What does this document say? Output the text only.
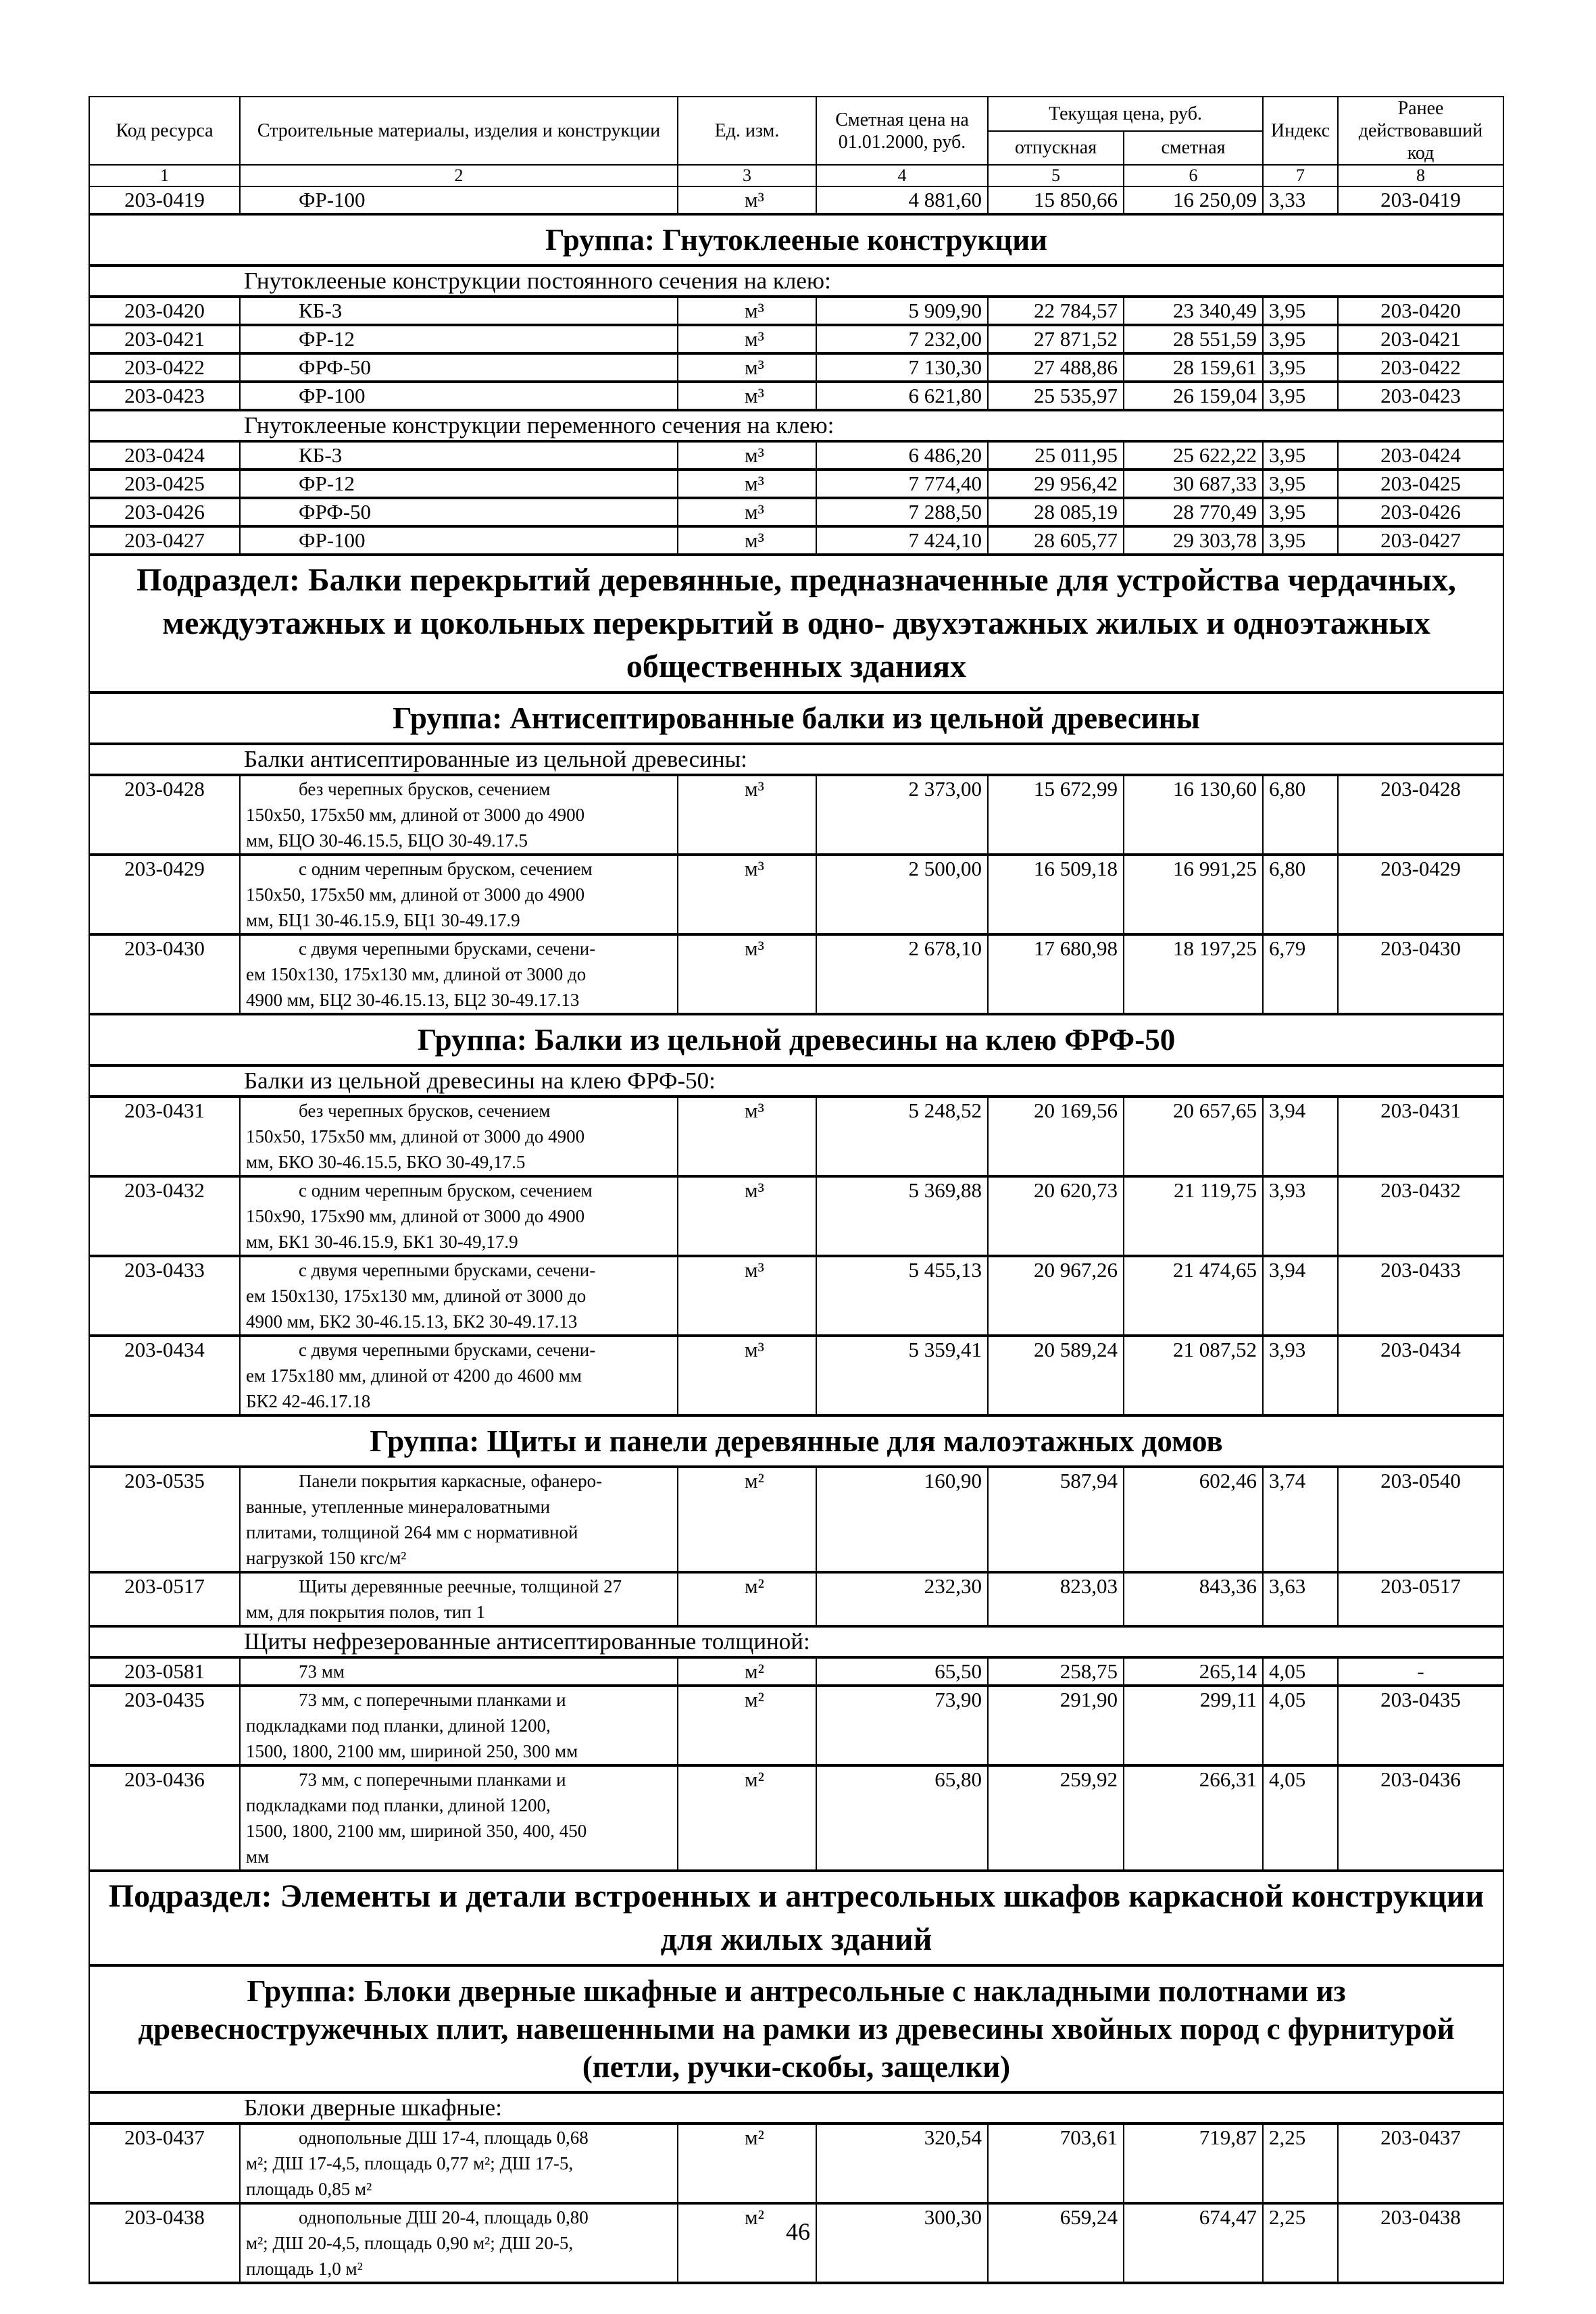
Код ресурса	Строительные материалы, изделия и конструкции	Ед. изм.	Сметная цена на 01.01.2000, руб.	Текущая цена, руб.		Индекс	Ранее действовавший код
				отпускная	сметная		
1	2	3	4	5	6	7	8
203-0419	ФР-100	м³	4 881,60	15 850,66	16 250,09	3,33	203-0419
Группа: Гнутоклееные конструкции							
Гнутоклееные конструкции постоянного сечения на клею:							
203-0420	КБ-3	м³	5 909,90	22 784,57	23 340,49	3,95	203-0420
203-0421	ФР-12	м³	7 232,00	27 871,52	28 551,59	3,95	203-0421
203-0422	ФРФ-50	м³	7 130,30	27 488,86	28 159,61	3,95	203-0422
203-0423	ФР-100	м³	6 621,80	25 535,97	26 159,04	3,95	203-0423
Гнутоклееные конструкции переменного сечения на клею:							
203-0424	КБ-3	м³	6 486,20	25 011,95	25 622,22	3,95	203-0424
203-0425	ФР-12	м³	7 774,40	29 956,42	30 687,33	3,95	203-0425
203-0426	ФРФ-50	м³	7 288,50	28 085,19	28 770,49	3,95	203-0426
203-0427	ФР-100	м³	7 424,10	28 605,77	29 303,78	3,95	203-0427
Подраздел: Балки перекрытий деревянные, предназначенные для устройства чердачных, междуэтажных и цокольных перекрытий в одно- двухэтажных жилых и одноэтажных общественных зданиях							
Группа: Антисептированные балки из цельной древесины							
Балки антисептированные из цельной древесины:							
203-0428	без черепных брусков, сечением
150x50, 175x50 мм, длиной от 3000 до 4900
мм, БЦО 30-46.15.5, БЦО 30-49.17.5	м³	2 373,00	15 672,99	16 130,60	6,80	203-0428
203-0429	с одним черепным бруском, сечением
150x50, 175x50 мм, длиной от 3000 до 4900
мм, БЦ1 30-46.15.9, БЦ1 30-49.17.9	м³	2 500,00	16 509,18	16 991,25	6,80	203-0429
203-0430	с двумя черепными брусками, сечени-
ем 150x130, 175x130 мм, длиной от 3000 до
4900 мм, БЦ2 30-46.15.13, БЦ2 30-49.17.13	м³	2 678,10	17 680,98	18 197,25	6,79	203-0430
Группа: Балки из цельной древесины на клею ФРФ-50							
Балки из цельной древесины на клею ФРФ-50:							
203-0431	без черепных брусков, сечением
150x50, 175x50 мм, длиной от 3000 до 4900
мм, БКО 30-46.15.5, БКО 30-49,17.5	м³	5 248,52	20 169,56	20 657,65	3,94	203-0431
203-0432	с одним черепным бруском, сечением
150x90, 175x90 мм, длиной от 3000 до 4900
мм, БК1 30-46.15.9, БК1 30-49,17.9	м³	5 369,88	20 620,73	21 119,75	3,93	203-0432
203-0433	с двумя черепными брусками, сечени-
ем 150x130, 175x130 мм, длиной от 3000 до
4900 мм, БК2 30-46.15.13, БК2 30-49.17.13	м³	5 455,13	20 967,26	21 474,65	3,94	203-0433
203-0434	с двумя черепными брусками, сечени-
ем 175x180 мм, длиной от 4200 до 4600 мм
БК2 42-46.17.18	м³	5 359,41	20 589,24	21 087,52	3,93	203-0434
Группа: Щиты и панели деревянные для малоэтажных домов							
203-0535	Панели покрытия каркасные, офанеро-
ванные, утепленные минераловатными
плитами, толщиной 264 мм с нормативной
нагрузкой 150 кгс/м²	м²	160,90	587,94	602,46	3,74	203-0540
203-0517	Щиты деревянные реечные, толщиной 27
мм, для покрытия полов, тип 1	м²	232,30	823,03	843,36	3,63	203-0517
Щиты нефрезерованные антисептированные толщиной:							
203-0581	73 мм	м²	65,50	258,75	265,14	4,05	-
203-0435	73 мм, с поперечными планками и
подкладками под планки, длиной 1200,
1500, 1800, 2100 мм, шириной 250, 300 мм	м²	73,90	291,90	299,11	4,05	203-0435
203-0436	73 мм, с поперечными планками и
подкладками под планки, длиной 1200,
1500, 1800, 2100 мм, шириной 350, 400, 450
мм	м²	65,80	259,92	266,31	4,05	203-0436
Подраздел: Элементы и детали встроенных и антресольных шкафов каркасной конструкции для жилых зданий							
Группа: Блоки дверные шкафные и антресольные с накладными полотнами из древесностружечных плит, навешенными на рамки из древесины хвойных пород с фурнитурой (петли, ручки-скобы, защелки)							
Блоки дверные шкафные:							
203-0437	однопольные ДШ 17-4, площадь 0,68
м²; ДШ 17-4,5, площадь 0,77 м²; ДШ 17-5,
площадь 0,85 м²	м²	320,54	703,61	719,87	2,25	203-0437
203-0438	однопольные ДШ 20-4, площадь 0,80
м²; ДШ 20-4,5, площадь 0,90 м²; ДШ 20-5,
площадь 1,0 м²	м²	300,30	659,24	674,47	2,25	203-0438
46
